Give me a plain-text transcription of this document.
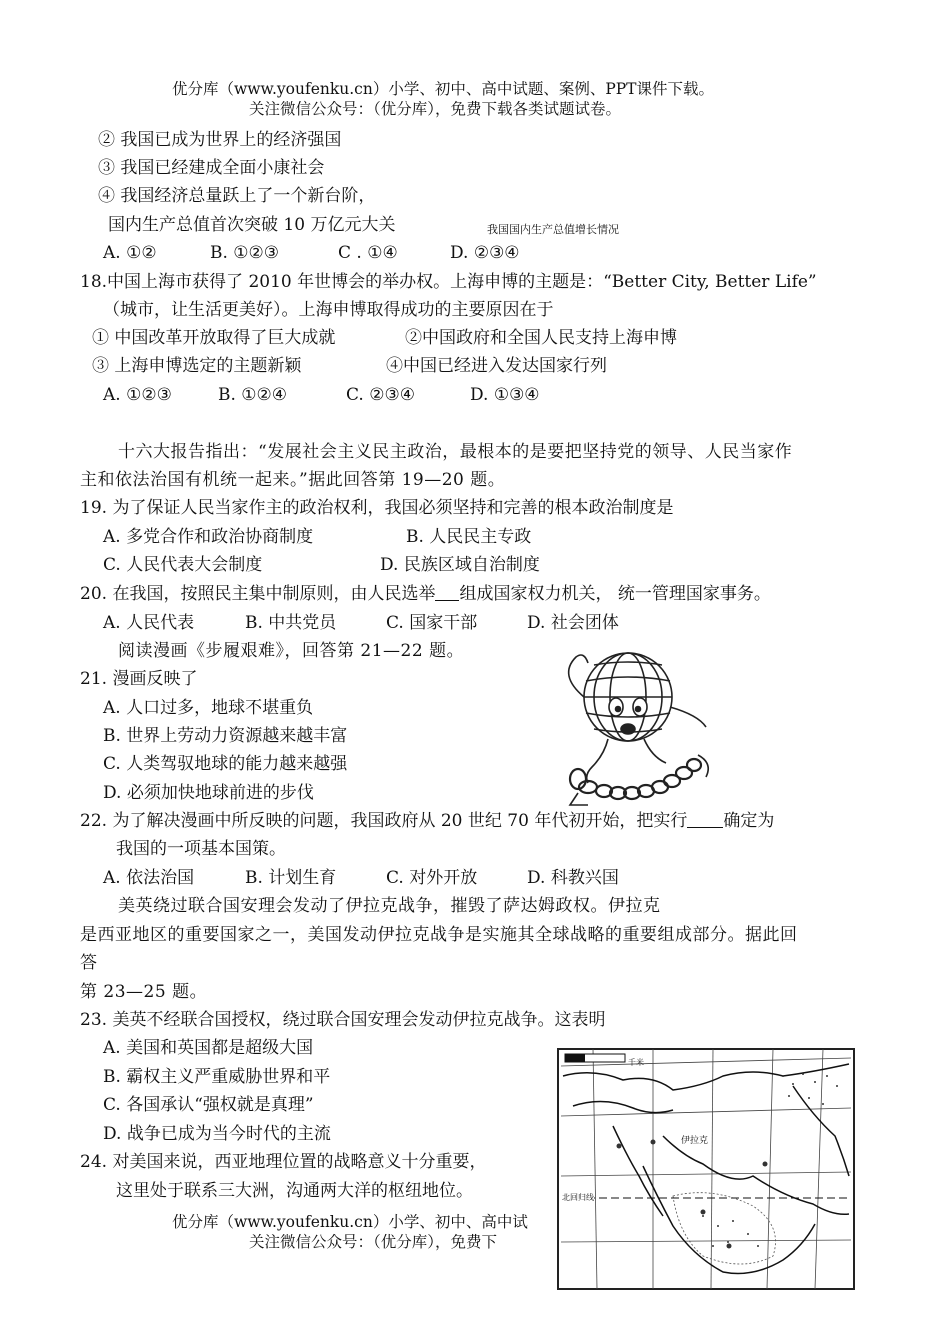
优分库（www.youfenku.cn）小学、初中、高中试题、案例、PPT课件下载。
关注微信公众号：（优分库），免费下载各类试题试卷。
② 我国已成为世界上的经济强国
③ 我国已经建成全面小康社会
④ 我国经济总量跃上了一个新台阶，
国内生产总值首次突破 10 万亿元大关	我国国内生产总值增长情况
A. ①②	B. ①②③	C . ①④	D. ②③④
18.中国上海市获得了 2010 年世博会的举办权。上海申博的主题是：“Better City, Better Life”
（城市，让生活更美好）。上海申博取得成功的主要原因在于
① 中国改革开放取得了巨大成就	②中国政府和全国人民支持上海申博
③ 上海申博选定的主题新颖	④中国已经进入发达国家行列
A. ①②③	B. ①②④	C. ②③④	D. ①③④
十六大报告指出：“发展社会主义民主政治，最根本的是要把坚持党的领导、人民当家作
主和依法治国有机统一起来。”据此回答第 19—20 题。
19. 为了保证人民当家作主的政治权利，我国必须坚持和完善的根本政治制度是
A. 多党合作和政治协商制度	B. 人民民主专政
C. 人民代表大会制度	D. 民族区域自治制度
20. 在我国，按照民主集中制原则，由人民选举 组成国家权力机关， 统一管理国家事务。
A. 人民代表	B. 中共党员	C. 国家干部	D. 社会团体
阅读漫画《步履艰难》，回答第 21—22 题。
21. 漫画反映了
A. 人口过多，地球不堪重负
B. 世界上劳动力资源越来越丰富
C. 人类驾驭地球的能力越来越强
D. 必须加快地球前进的步伐
22. 为了解决漫画中所反映的问题，我国政府从 20 世纪 70 年代初开始，把实行 确定为
我国的一项基本国策。
A. 依法治国	B. 计划生育	C. 对外开放	D. 科教兴国
美英绕过联合国安理会发动了伊拉克战争，摧毁了萨达姆政权。伊拉克
是西亚地区的重要国家之一，美国发动伊拉克战争是实施其全球战略的重要组成部分。据此回
答
第 23—25 题。
23. 美英不经联合国授权，绕过联合国安理会发动伊拉克战争。这表明
A. 美国和英国都是超级大国
B. 霸权主义严重威胁世界和平
C. 各国承认“强权就是真理”
D. 战争已成为当今时代的主流
24. 对美国来说，西亚地理位置的战略意义十分重要，
这里处于联系三大洲，沟通两大洋的枢纽地位。
优分库（www.youfenku.cn）小学、初中、高中试
关注微信公众号：（优分库），免费下
千米
伊拉克
北回归线
